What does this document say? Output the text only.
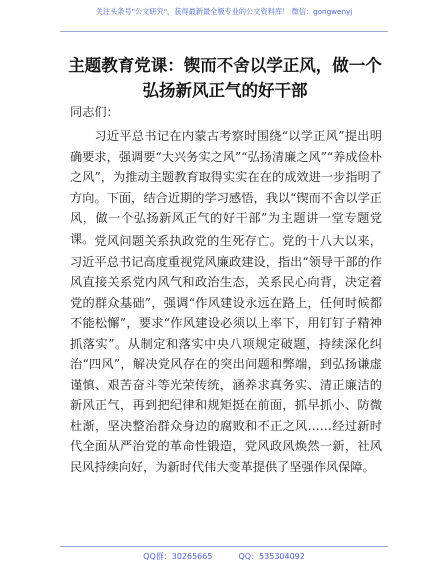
关注头条号"公文研究"，获得最新最全极专业的公文资料库！ 微信：gongwenyj
主题教育党课：锲而不舍以学正风，做一个弘扬新风正气的好干部
同志们：
习近平总书记在内蒙古考察时围绕“以学正风”提出明确要求，强调要“大兴务实之风”“弘扬清廉之风”“养成俭朴之风”，为推动主题教育取得实实在在的成效进一步指明了方向。下面，结合近期的学习感悟，我以“锲而不舍以学正风，做一个弘扬新风正气的好干部”为主题讲一堂专题党课。 党风问题关系执政党的生死存亡。党的十八大以来，习近平总书记高度重视党风廉政建设，指出“领导干部的作风直接关系党内风气和政治生态，关系民心向背，决定着党的群众基础”，强调“作风建设永远在路上，任何时候都不能松懈”，要求“作风建设必须以上率下，用钉钉子精神抓落实”。从制定和落实中央八项规定破题，持续深化纠治“四风”，解决党风存在的突出问题和弊端，到弘扬谦虚谨慎、艰苦奋斗等光荣传统，涵养求真务实、清正廉洁的新风正气，再到把纪律和规矩挺在前面，抓早抓小、防微杜渐，坚决整治群众身边的腐败和不正之风……经过新时代全面从严治党的革命性锻造，党风政风焕然一新，社风民风持续向好，为新时代伟大变革提供了坚强作风保障。
QQ群：30265665	QQ：535304092
